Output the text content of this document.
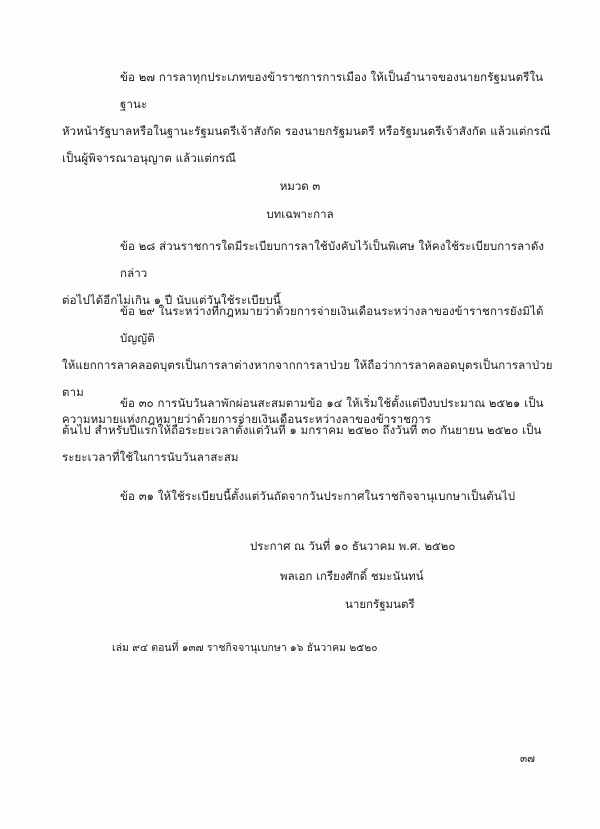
ข้อ ๒๗ การลาทุกประเภทของข้าราชการการเมือง ให้เป็นอำนาจของนายกรัฐมนตรีในฐานะ
หัวหน้ารัฐบาลหรือในฐานะรัฐมนตรีเจ้าสังกัด รองนายกรัฐมนตรี หรือรัฐมนตรีเจ้าสังกัด แล้วแต่กรณี
เป็นผู้พิจารณาอนุญาต แล้วแต่กรณี

หมวด ๓

บทเฉพาะกาล

ข้อ ๒๘ ส่วนราชการใดมีระเบียบการลาใช้บังคับไว้เป็นพิเศษ ให้คงใช้ระเบียบการลาดังกล่าว
ต่อไปได้อีกไม่เกิน ๑ ปี นับแต่วันใช้ระเบียบนี้

ข้อ ๒๙ ในระหว่างที่กฎหมายว่าด้วยการจ่ายเงินเดือนระหว่างลาของข้าราชการยังมิได้บัญญัติ
ให้แยกการลาคลอดบุตรเป็นการลาต่างหากจากการลาป่วย ให้ถือว่าการลาคลอดบุตรเป็นการลาป่วยตาม
ความหมายแห่งกฎหมายว่าด้วยการจ่ายเงินเดือนระหว่างลาของข้าราชการ

ข้อ ๓๐ การนับวันลาพักผ่อนสะสมตามข้อ ๑๔ ให้เริ่มใช้ตั้งแต่ปีงบประมาณ ๒๕๒๑ เป็น
ต้นไป สำหรับปีแรกให้ถือระยะเวลาตั้งแต่วันที่ ๑ มกราคม ๒๕๒๐ ถึงวันที่ ๓๐ กันยายน ๒๕๒๐ เป็น
ระยะเวลาที่ใช้ในการนับวันลาสะสม

ข้อ ๓๑ ให้ใช้ระเบียบนี้ตั้งแต่วันถัดจากวันประกาศในราชกิจจานุเบกษาเป็นต้นไป

ประกาศ ณ วันที่ ๑๐ ธันวาคม พ.ศ. ๒๕๒๐

พลเอก เกรียงศักดิ์ ชมะนันทน์

นายกรัฐมนตรี

เล่ม ๙๔ ตอนที่ ๑๓๗ ราชกิจจานุเบกษา ๑๖ ธันวาคม ๒๕๒๐

๓๗
